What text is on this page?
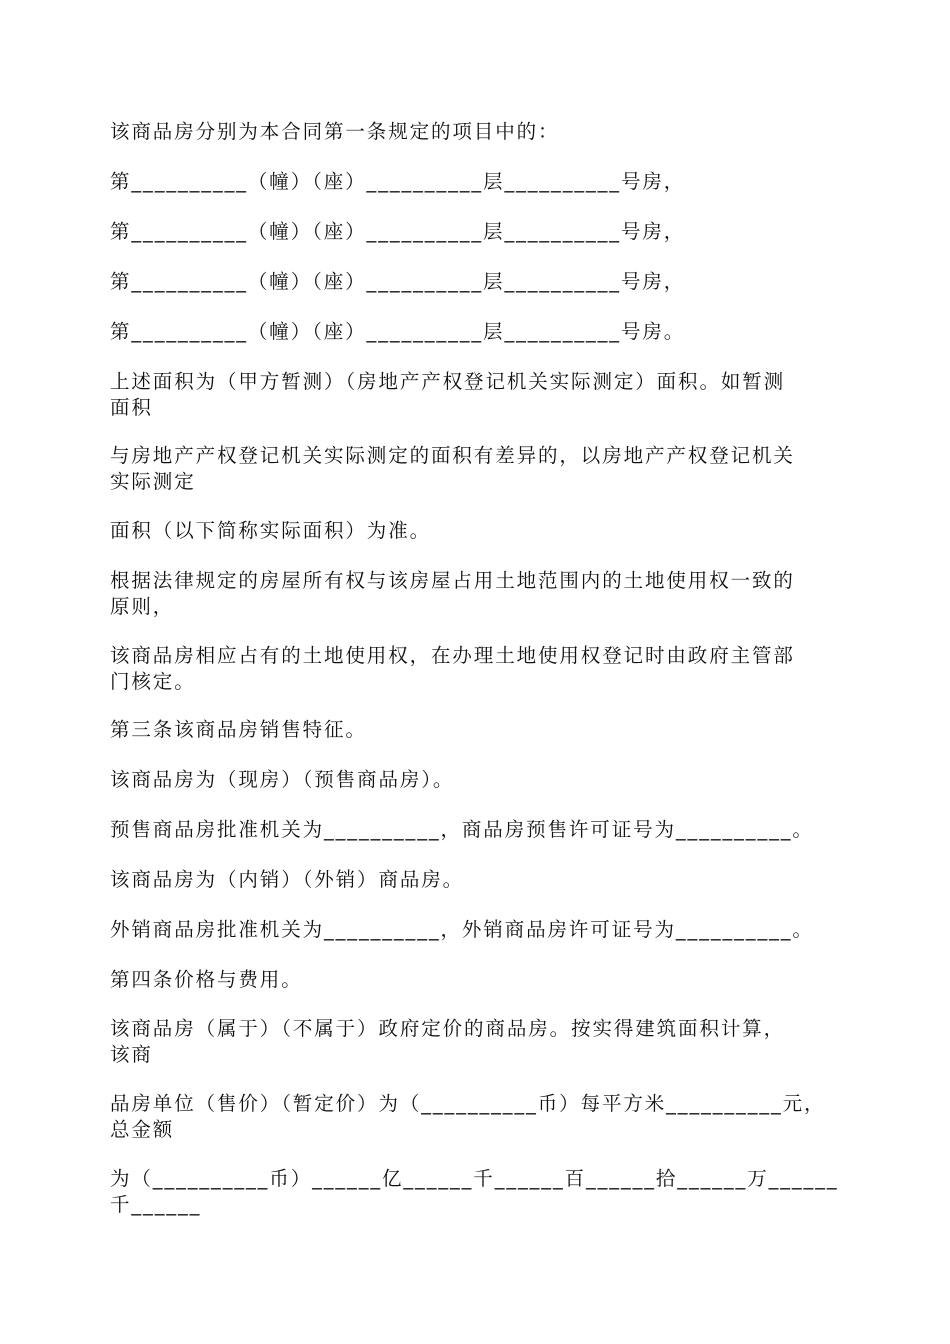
该商品房分别为本合同第一条规定的项目中的：

第__________（幢）（座）__________层__________号房，

第__________（幢）（座）__________层__________号房，

第__________（幢）（座）__________层__________号房，

第__________（幢）（座）__________层__________号房。

上述面积为（甲方暂测）（房地产产权登记机关实际测定）面积。如暂测
面积

与房地产产权登记机关实际测定的面积有差异的，以房地产产权登记机关
实际测定

面积（以下简称实际面积）为准。

根据法律规定的房屋所有权与该房屋占用土地范围内的土地使用权一致的
原则，

该商品房相应占有的土地使用权，在办理土地使用权登记时由政府主管部
门核定。

第三条该商品房销售特征。

该商品房为（现房）（预售商品房）。

预售商品房批准机关为__________，商品房预售许可证号为__________。

该商品房为（内销）（外销）商品房。

外销商品房批准机关为__________，外销商品房许可证号为__________。

第四条价格与费用。

该商品房（属于）（不属于）政府定价的商品房。按实得建筑面积计算，
该商

品房单位（售价）（暂定价）为（__________币）每平方米__________元，
总金额

为（__________币）______亿______千______百______拾______万______
千______
